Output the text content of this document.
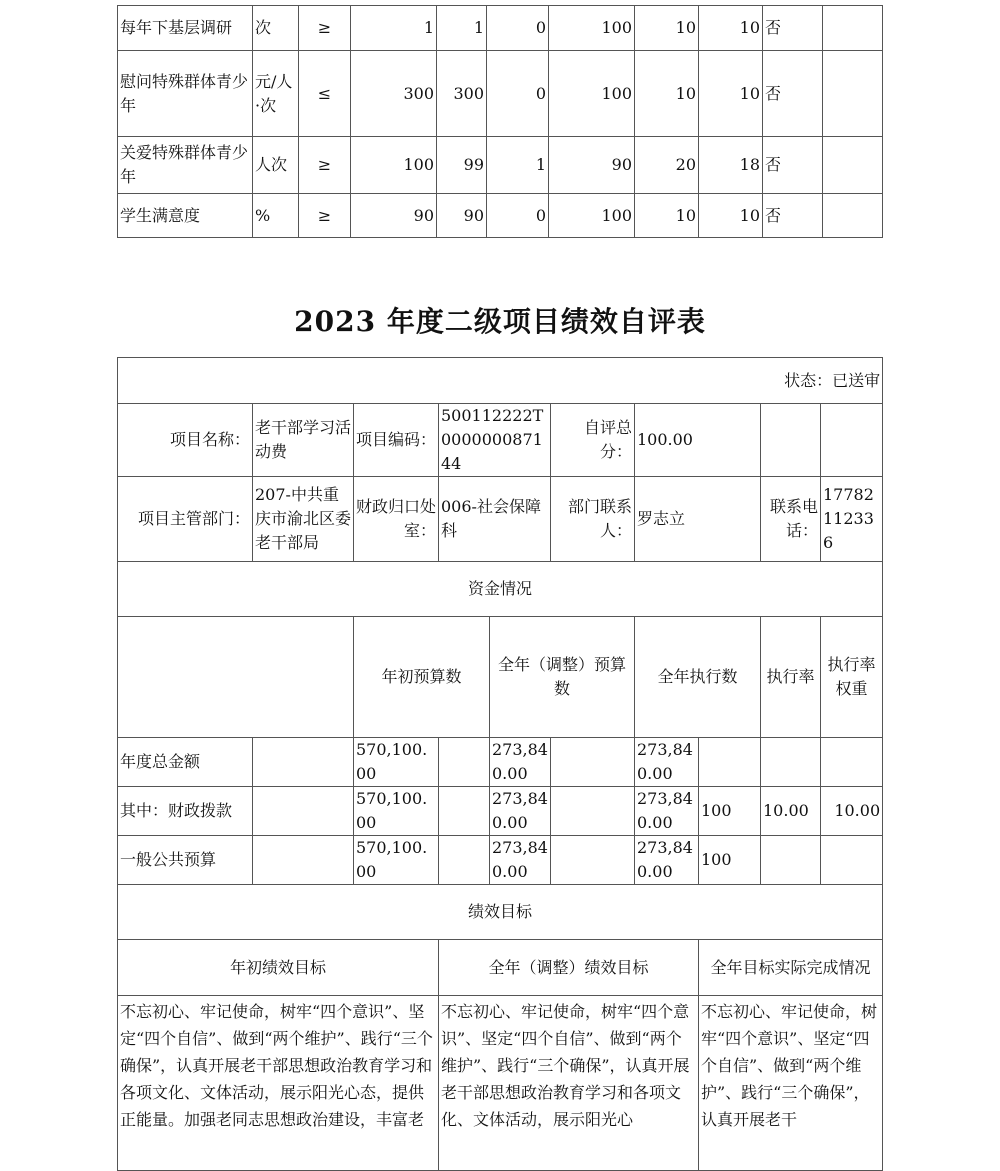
每年下基层调研	次	≥	1	1	0	100	10	10	否	
慰问特殊群体青少年	元/人·次	≤	300	300	0	100	10	10	否	
关爱特殊群体青少年	人次	≥	100	99	1	90	20	18	否	
学生满意度	%	≥	90	90	0	100	10	10	否	
2023 年度二级项目绩效自评表
状态：已送审										
项目名称：	老干部学习活动费	项目编码：	500112222T000000087144		自评总分：	100.00				
项目主管部门：	207-中共重庆市渝北区委老干部局	财政归口处室：	006-社会保障科		部门联系人：	罗志立		联系电话：	17782112336	
资金情况										
		年初预算数		全年（调整）预算数		全年执行数		执行率	执行率权重	
年度总金额		570,100.00		273,840.00		273,840.00				
其中：财政拨款		570,100.00		273,840.00		273,840.00	100	10.00	10.00	
一般公共预算		570,100.00		273,840.00		273,840.00	100			
绩效目标										
年初绩效目标			全年（调整）绩效目标				全年目标实际完成情况			
不忘初心、牢记使命，树牢“四个意识”、坚定“四个自信”、做到“两个维护”、践行“三个确保”，认真开展老干部思想政治教育学习和各项文化、文体活动，展示阳光心态，提供正能量。加强老同志思想政治建设，丰富老			不忘初心、牢记使命，树牢“四个意识”、坚定“四个自信”、做到“两个维护”、践行“三个确保”，认真开展老干部思想政治教育学习和各项文化、文体活动，展示阳光心				不忘初心、牢记使命，树牢“四个意识”、坚定“四个自信”、做到“两个维护”、践行“三个确保”，认真开展老干			
